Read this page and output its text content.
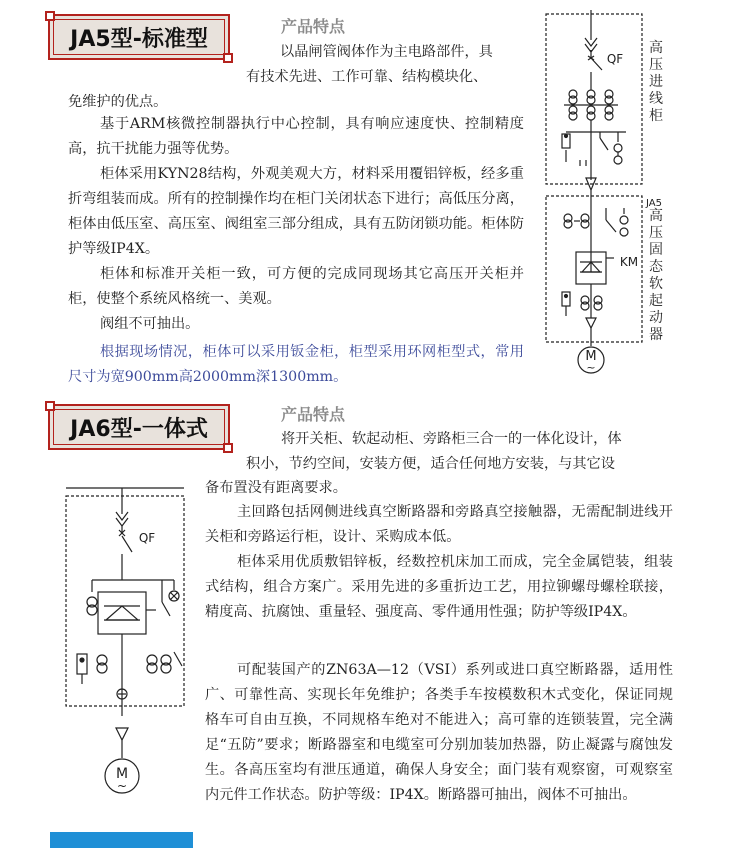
JA5型-标准型	产品特点

以晶闸管阀体作为主电路部件，具

有技术先进、工作可靠、结构模块化、

免维护的优点。

基于ARM核微控制器执行中心控制，具有响应速度快、控制精度高，抗干扰能力强等优势。

柜体采用KYN28结构，外观美观大方，材料采用覆铝锌板，经多重折弯组装而成。所有的控制操作均在柜门关闭状态下进行；高低压分离，柜体由低压室、高压室、阀组室三部分组成，具有五防闭锁功能。柜体防护等级IP4X。

柜体和标准开关柜一致，可方便的完成同现场其它高压开关柜并柜，使整个系统风格统一、美观。

阀组不可抽出。

根据现场情况，柜体可以采用钣金柜，柜型采用环网柜型式，常用尺寸为宽900mm高2000mm深1300mm。

QF
KM
JA5
M
~
高
压
进
线
柜
高
压
固
态
软
起
动
器
JA6型-一体式
产品特点

将开关柜、软起动柜、旁路柜三合一的一体化设计，体

积小，节约空间，安装方便，适合任何地方安装，与其它设

备布置没有距离要求。

主回路包括网侧进线真空断路器和旁路真空接触器，无需配制进线开关柜和旁路运行柜，设计、采购成本低。

柜体采用优质敷铝锌板，经数控机床加工而成，完全金属铠装，组装式结构，组合方案广。采用先进的多重折边工艺，用拉铆螺母螺栓联接，精度高、抗腐蚀、重量轻、强度高、零件通用性强；防护等级IP4X。

可配装国产的ZN63A—12（VSI）系列或进口真空断路器，适用性广、可靠性高、实现长年免维护；各类手车按模数积木式变化，保证同规格车可自由互换，不同规格车绝对不能进入；高可靠的连锁装置，完全满足“五防”要求；断路器室和电缆室可分别加装加热器，防止凝露与腐蚀发生。各高压室均有泄压通道，确保人身安全；面门装有观察窗，可观察室内元件工作状态。防护等级：IP4X。断路器可抽出，阀体不可抽出。

QF
M
~
